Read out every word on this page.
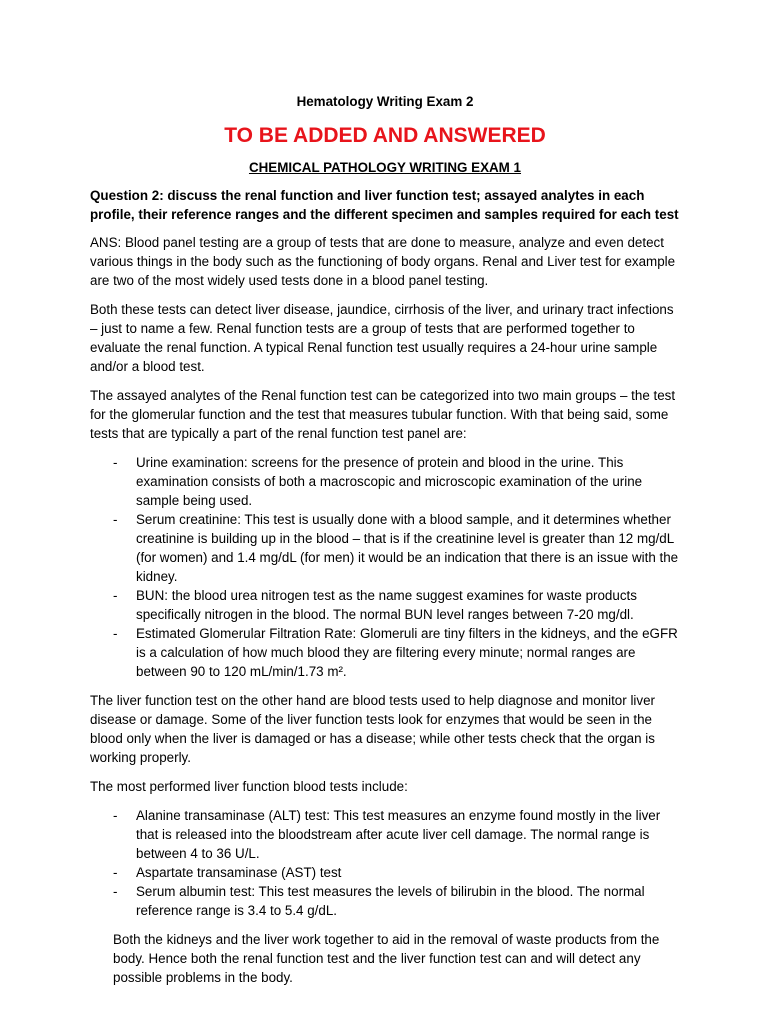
Hematology Writing Exam 2
TO BE ADDED AND ANSWERED
CHEMICAL PATHOLOGY WRITING EXAM 1
Question 2: discuss the renal function and liver function test; assayed analytes in each profile, their reference ranges and the different specimen and samples required for each test

ANS: Blood panel testing are a group of tests that are done to measure, analyze and even detect various things in the body such as the functioning of body organs. Renal and Liver test for example are two of the most widely used tests done in a blood panel testing.

Both these tests can detect liver disease, jaundice, cirrhosis of the liver, and urinary tract infections – just to name a few. Renal function tests are a group of tests that are performed together to evaluate the renal function. A typical Renal function test usually requires a 24-hour urine sample and/or a blood test.

The assayed analytes of the Renal function test can be categorized into two main groups – the test for the glomerular function and the test that measures tubular function. With that being said, some tests that are typically a part of the renal function test panel are:

- Urine examination: screens for the presence of protein and blood in the urine. This examination consists of both a macroscopic and microscopic examination of the urine sample being used.
- Serum creatinine: This test is usually done with a blood sample, and it determines whether creatinine is building up in the blood – that is if the creatinine level is greater than 12 mg/dL (for women) and 1.4 mg/dL (for men) it would be an indication that there is an issue with the kidney.
- BUN: the blood urea nitrogen test as the name suggest examines for waste products specifically nitrogen in the blood. The normal BUN level ranges between 7-20 mg/dl.
- Estimated Glomerular Filtration Rate: Glomeruli are tiny filters in the kidneys, and the eGFR is a calculation of how much blood they are filtering every minute; normal ranges are between 90 to 120 mL/min/1.73 m².

The liver function test on the other hand are blood tests used to help diagnose and monitor liver disease or damage. Some of the liver function tests look for enzymes that would be seen in the blood only when the liver is damaged or has a disease; while other tests check that the organ is working properly.

The most performed liver function blood tests include:

- Alanine transaminase (ALT) test: This test measures an enzyme found mostly in the liver that is released into the bloodstream after acute liver cell damage. The normal range is between 4 to 36 U/L.
- Aspartate transaminase (AST) test
- Serum albumin test: This test measures the levels of bilirubin in the blood. The normal reference range is 3.4 to 5.4 g/dL.

Both the kidneys and the liver work together to aid in the removal of waste products from the body. Hence both the renal function test and the liver function test can and will detect any possible problems in the body.
